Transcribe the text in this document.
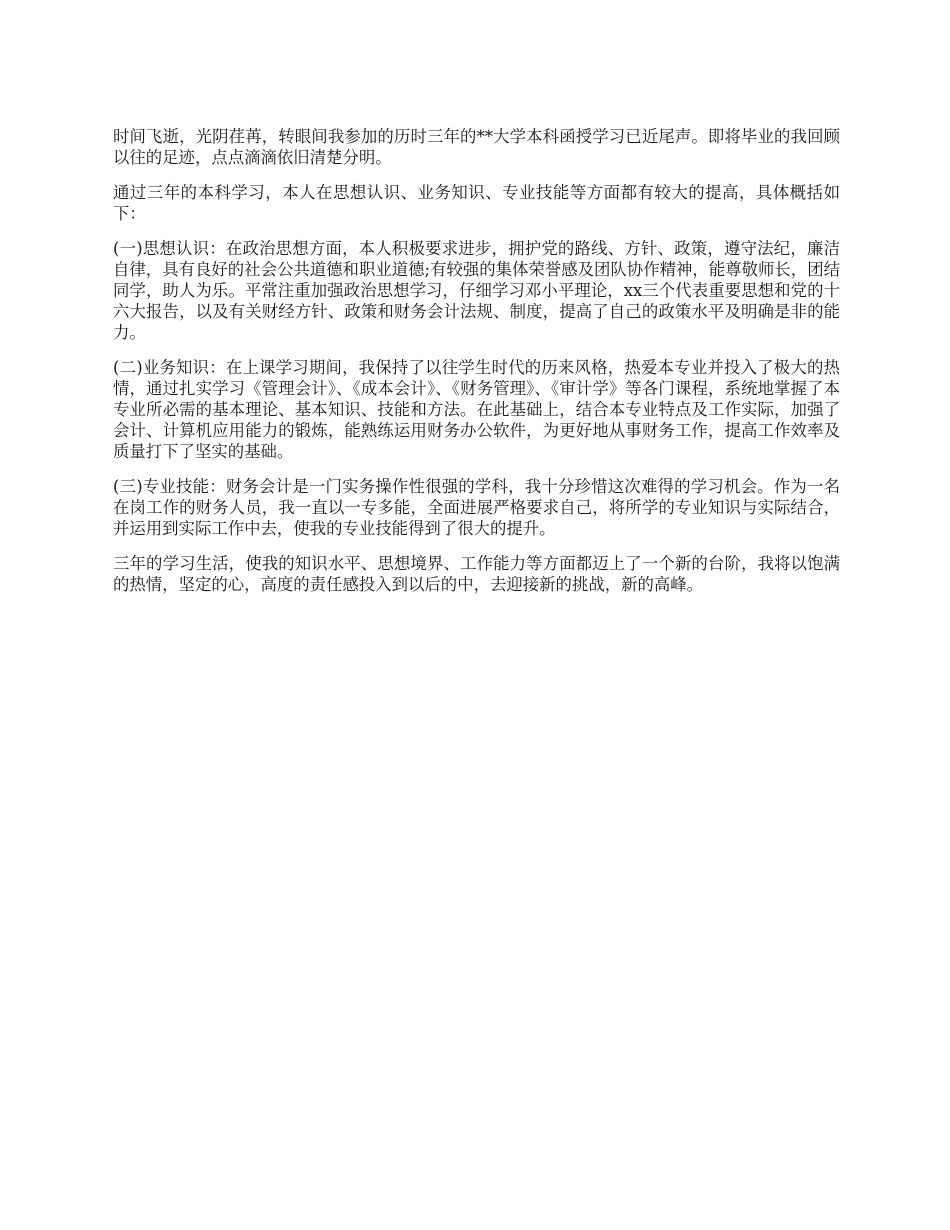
时间飞逝，光阴荏苒，转眼间我参加的历时三年的**大学本科函授学习已近尾声。即将毕业的我回顾以往的足迹，点点滴滴依旧清楚分明。

通过三年的本科学习，本人在思想认识、业务知识、专业技能等方面都有较大的提高，具体概括如下：

(一)思想认识：在政治思想方面，本人积极要求进步，拥护党的路线、方针、政策，遵守法纪，廉洁自律，具有良好的社会公共道德和职业道德;有较强的集体荣誉感及团队协作精神，能尊敬师长，团结同学，助人为乐。平常注重加强政治思想学习，仔细学习邓小平理论，xx三个代表重要思想和党的十六大报告，以及有关财经方针、政策和财务会计法规、制度，提高了自己的政策水平及明确是非的能力。

(二)业务知识：在上课学习期间，我保持了以往学生时代的历来风格，热爱本专业并投入了极大的热情，通过扎实学习《管理会计》、《成本会计》、《财务管理》、《审计学》等各门课程，系统地掌握了本专业所必需的基本理论、基本知识、技能和方法。在此基础上，结合本专业特点及工作实际，加强了会计、计算机应用能力的锻炼，能熟练运用财务办公软件，为更好地从事财务工作，提高工作效率及质量打下了坚实的基础。

(三)专业技能：财务会计是一门实务操作性很强的学科，我十分珍惜这次难得的学习机会。作为一名在岗工作的财务人员，我一直以一专多能，全面进展严格要求自己，将所学的专业知识与实际结合，并运用到实际工作中去，使我的专业技能得到了很大的提升。

三年的学习生活，使我的知识水平、思想境界、工作能力等方面都迈上了一个新的台阶，我将以饱满的热情，坚定的心，高度的责任感投入到以后的中，去迎接新的挑战，新的高峰。
